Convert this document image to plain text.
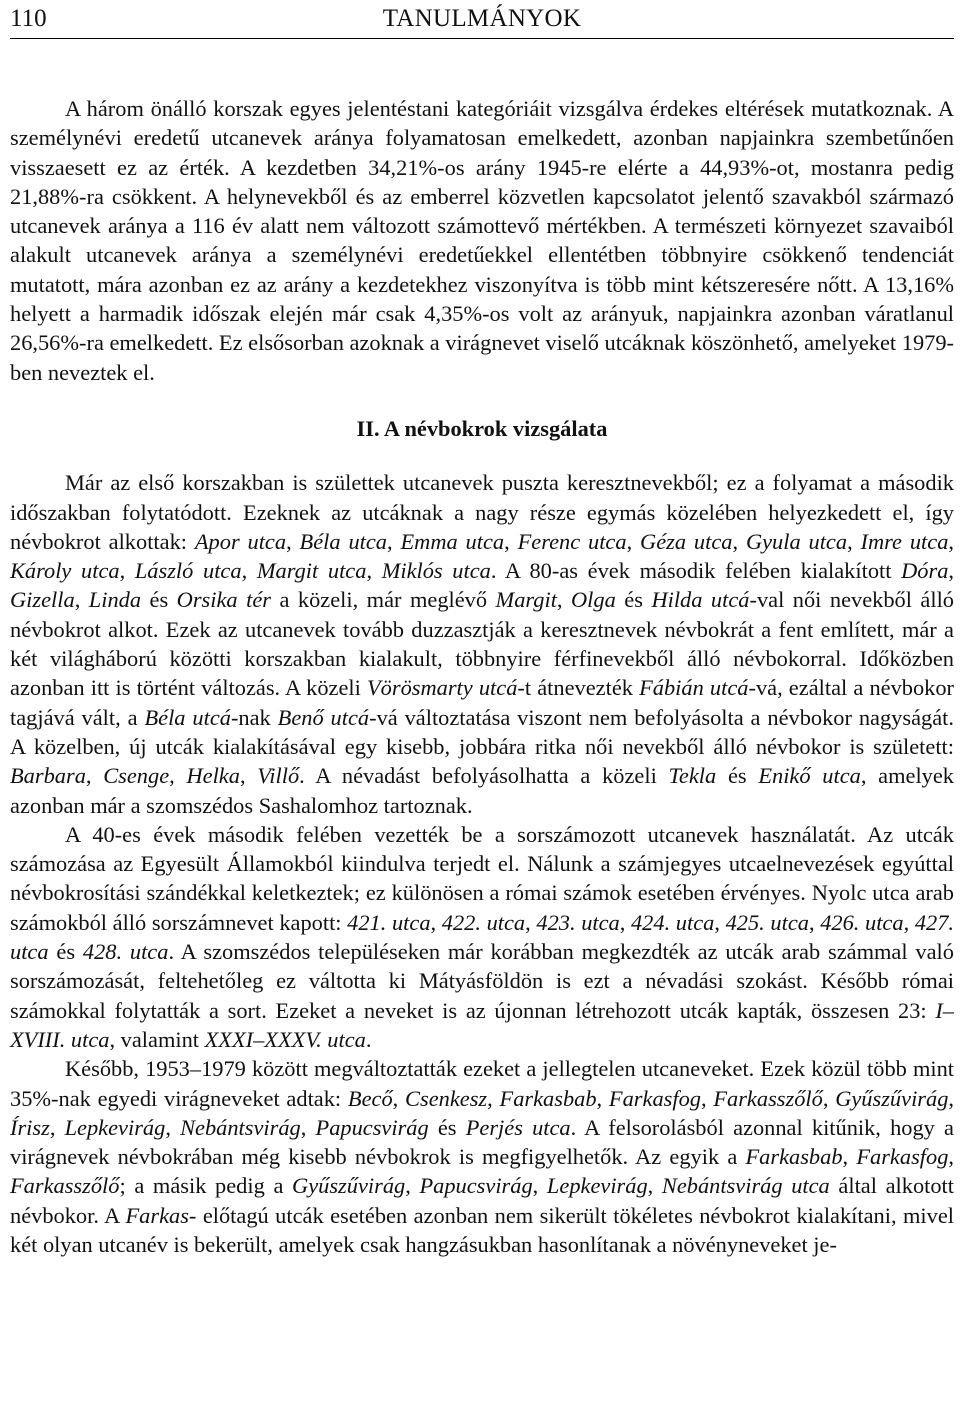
110	TANULMÁNYOK

A három önálló korszak egyes jelentéstani kategóriáit vizsgálva érdekes eltérések mutatkoznak. A személynévi eredetű utcanevek aránya folyamatosan emelkedett, azonban napjainkra szembetűnően visszaesett ez az érték. A kezdetben 34,21%-os arány 1945-re elérte a 44,93%-ot, mostanra pedig 21,88%-ra csökkent. A helynevekből és az emberrel közvetlen kapcsolatot jelentő szavakból származó utcanevek aránya a 116 év alatt nem változott számottevő mértékben. A természeti környezet szavaiból alakult utcanevek aránya a személynévi eredetűekkel ellentétben többnyire csökkenő tendenciát mutatott, mára azonban ez az arány a kezdetekhez viszonyítva is több mint kétszeresére nőtt. A 13,16% helyett a harmadik időszak elején már csak 4,35%-os volt az arányuk, napjainkra azonban váratlanul 26,56%-ra emelkedett. Ez elsősorban azoknak a virágnevet viselő utcáknak köszönhető, amelyeket 1979-ben neveztek el.

II. A névbokrok vizsgálata

Már az első korszakban is születtek utcanevek puszta keresztnevekből; ez a folyamat a második időszakban folytatódott. Ezeknek az utcáknak a nagy része egymás közelében helyezkedett el, így névbokrot alkottak: Apor utca, Béla utca, Emma utca, Ferenc utca, Géza utca, Gyula utca, Imre utca, Károly utca, László utca, Margit utca, Miklós utca. A 80-as évek második felében kialakított Dóra, Gizella, Linda és Orsika tér a közeli, már meglévő Margit, Olga és Hilda utcá-val női nevekből álló névbokrot alkot. Ezek az utcanevek tovább duzzasztják a keresztnevek névbokrát a fent említett, már a két világháború közötti korszakban kialakult, többnyire férfinevekből álló névbokorral. Időközben azonban itt is történt változás. A közeli Vörösmarty utcá-t átnevezték Fábián utcá-vá, ezáltal a névbokor tagjává vált, a Béla utcá-nak Benő utcá-vá változtatása viszont nem befolyásolta a névbokor nagyságát. A közelben, új utcák kialakításával egy kisebb, jobbára ritka női nevekből álló névbokor is született: Barbara, Csenge, Helka, Villő. A névadást befolyásolhatta a közeli Tekla és Enikő utca, amelyek azonban már a szomszédos Sashalomhoz tartoznak.

A 40-es évek második felében vezették be a sorszámozott utcanevek használatát. Az utcák számozása az Egyesült Államokból kiindulva terjedt el. Nálunk a számjegyes utcaelnevezések egyúttal névbokrosítási szándékkal keletkeztek; ez különösen a római számok esetében érvényes. Nyolc utca arab számokból álló sorszámnevet kapott: 421. utca, 422. utca, 423. utca, 424. utca, 425. utca, 426. utca, 427. utca és 428. utca. A szomszédos településeken már korábban megkezdték az utcák arab számmal való sorszámozását, feltehetőleg ez váltotta ki Mátyásföldön is ezt a névadási szokást. Később római számokkal folytatták a sort. Ezeket a neveket is az újonnan létrehozott utcák kapták, összesen 23: I–XVIII. utca, valamint XXXI–XXXV. utca.

Később, 1953–1979 között megváltoztatták ezeket a jellegtelen utcaneveket. Ezek közül több mint 35%-nak egyedi virágneveket adtak: Becő, Csenkesz, Farkasbab, Farkasfog, Farkasszőlő, Gyűszűvirág, Írisz, Lepkevirág, Nebántsvirág, Papucsvirág és Perjés utca. A felsorolásból azonnal kitűnik, hogy a virágnevek névbokrában még kisebb névbokrok is megfigyelhetők. Az egyik a Farkasbab, Farkasfog, Farkasszőlő; a másik pedig a Gyűszűvirág, Papucsvirág, Lepkevirág, Nebántsvirág utca által alkotott névbokor. A Farkas- előtagú utcák esetében azonban nem sikerült tökéletes névbokrot kialakítani, mivel két olyan utcanév is bekerült, amelyek csak hangzásukban hasonlítanak a növényneveket je-
